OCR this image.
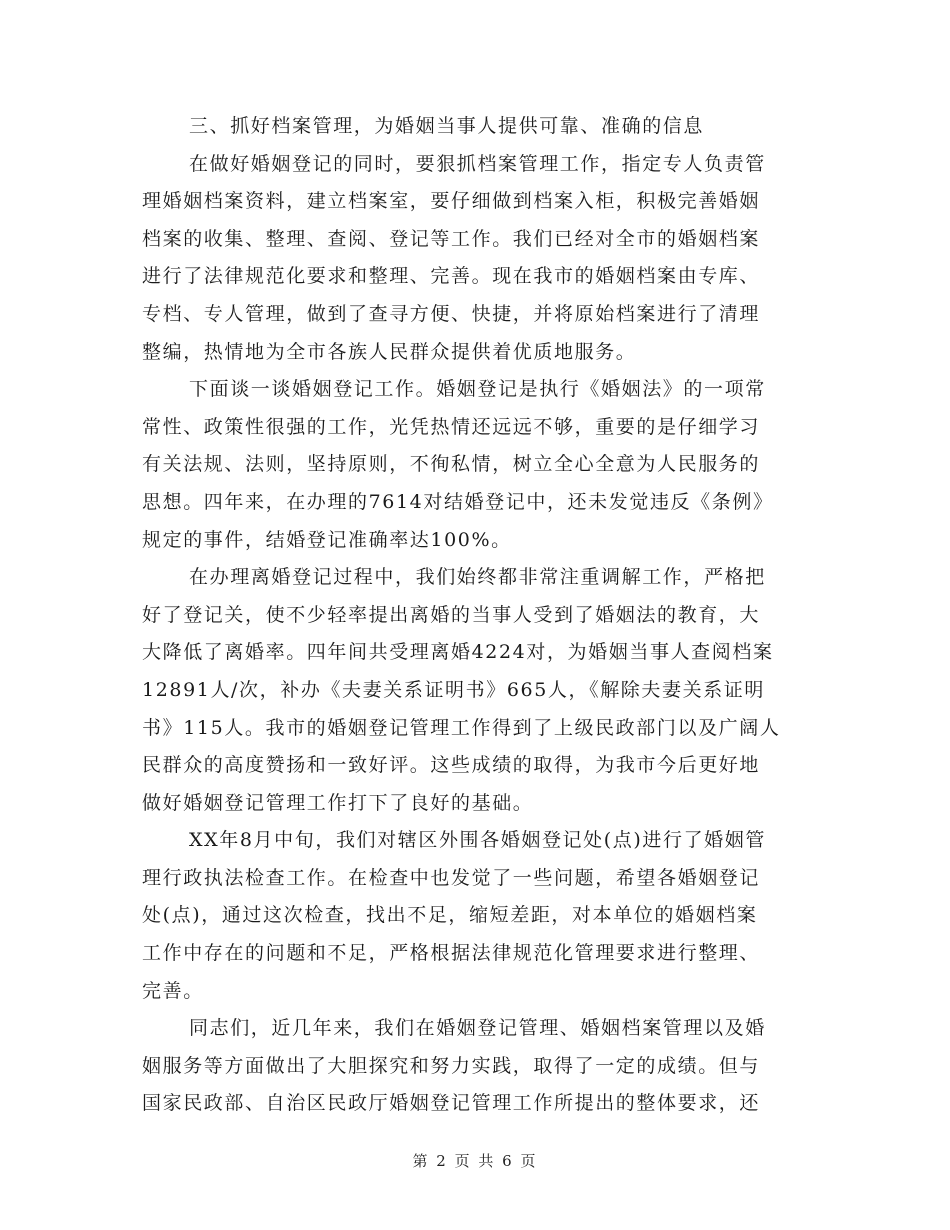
三、抓好档案管理，为婚姻当事人提供可靠、准确的信息
在做好婚姻登记的同时，要狠抓档案管理工作，指定专人负责管
理婚姻档案资料，建立档案室，要仔细做到档案入柜，积极完善婚姻
档案的收集、整理、查阅、登记等工作。我们已经对全市的婚姻档案
进行了法律规范化要求和整理、完善。现在我市的婚姻档案由专库、
专档、专人管理，做到了查寻方便、快捷，并将原始档案进行了清理
整编，热情地为全市各族人民群众提供着优质地服务。
下面谈一谈婚姻登记工作。婚姻登记是执行《婚姻法》的一项常
常性、政策性很强的工作，光凭热情还远远不够，重要的是仔细学习
有关法规、法则，坚持原则，不徇私情，树立全心全意为人民服务的
思想。四年来，在办理的7614对结婚登记中，还未发觉违反《条例》
规定的事件，结婚登记准确率达100%。
在办理离婚登记过程中，我们始终都非常注重调解工作，严格把
好了登记关，使不少轻率提出离婚的当事人受到了婚姻法的教育，大
大降低了离婚率。四年间共受理离婚4224对，为婚姻当事人查阅档案
12891人/次，补办《夫妻关系证明书》665人，《解除夫妻关系证明
书》115人。我市的婚姻登记管理工作得到了上级民政部门以及广阔人
民群众的高度赞扬和一致好评。这些成绩的取得，为我市今后更好地
做好婚姻登记管理工作打下了良好的基础。
XX年8月中旬，我们对辖区外围各婚姻登记处(点)进行了婚姻管
理行政执法检查工作。在检查中也发觉了一些问题，希望各婚姻登记
处(点)，通过这次检查，找出不足，缩短差距，对本单位的婚姻档案
工作中存在的问题和不足，严格根据法律规范化管理要求进行整理、
完善。
同志们，近几年来，我们在婚姻登记管理、婚姻档案管理以及婚
姻服务等方面做出了大胆探究和努力实践，取得了一定的成绩。但与
国家民政部、自治区民政厅婚姻登记管理工作所提出的整体要求，还
第 2 页 共 6 页
